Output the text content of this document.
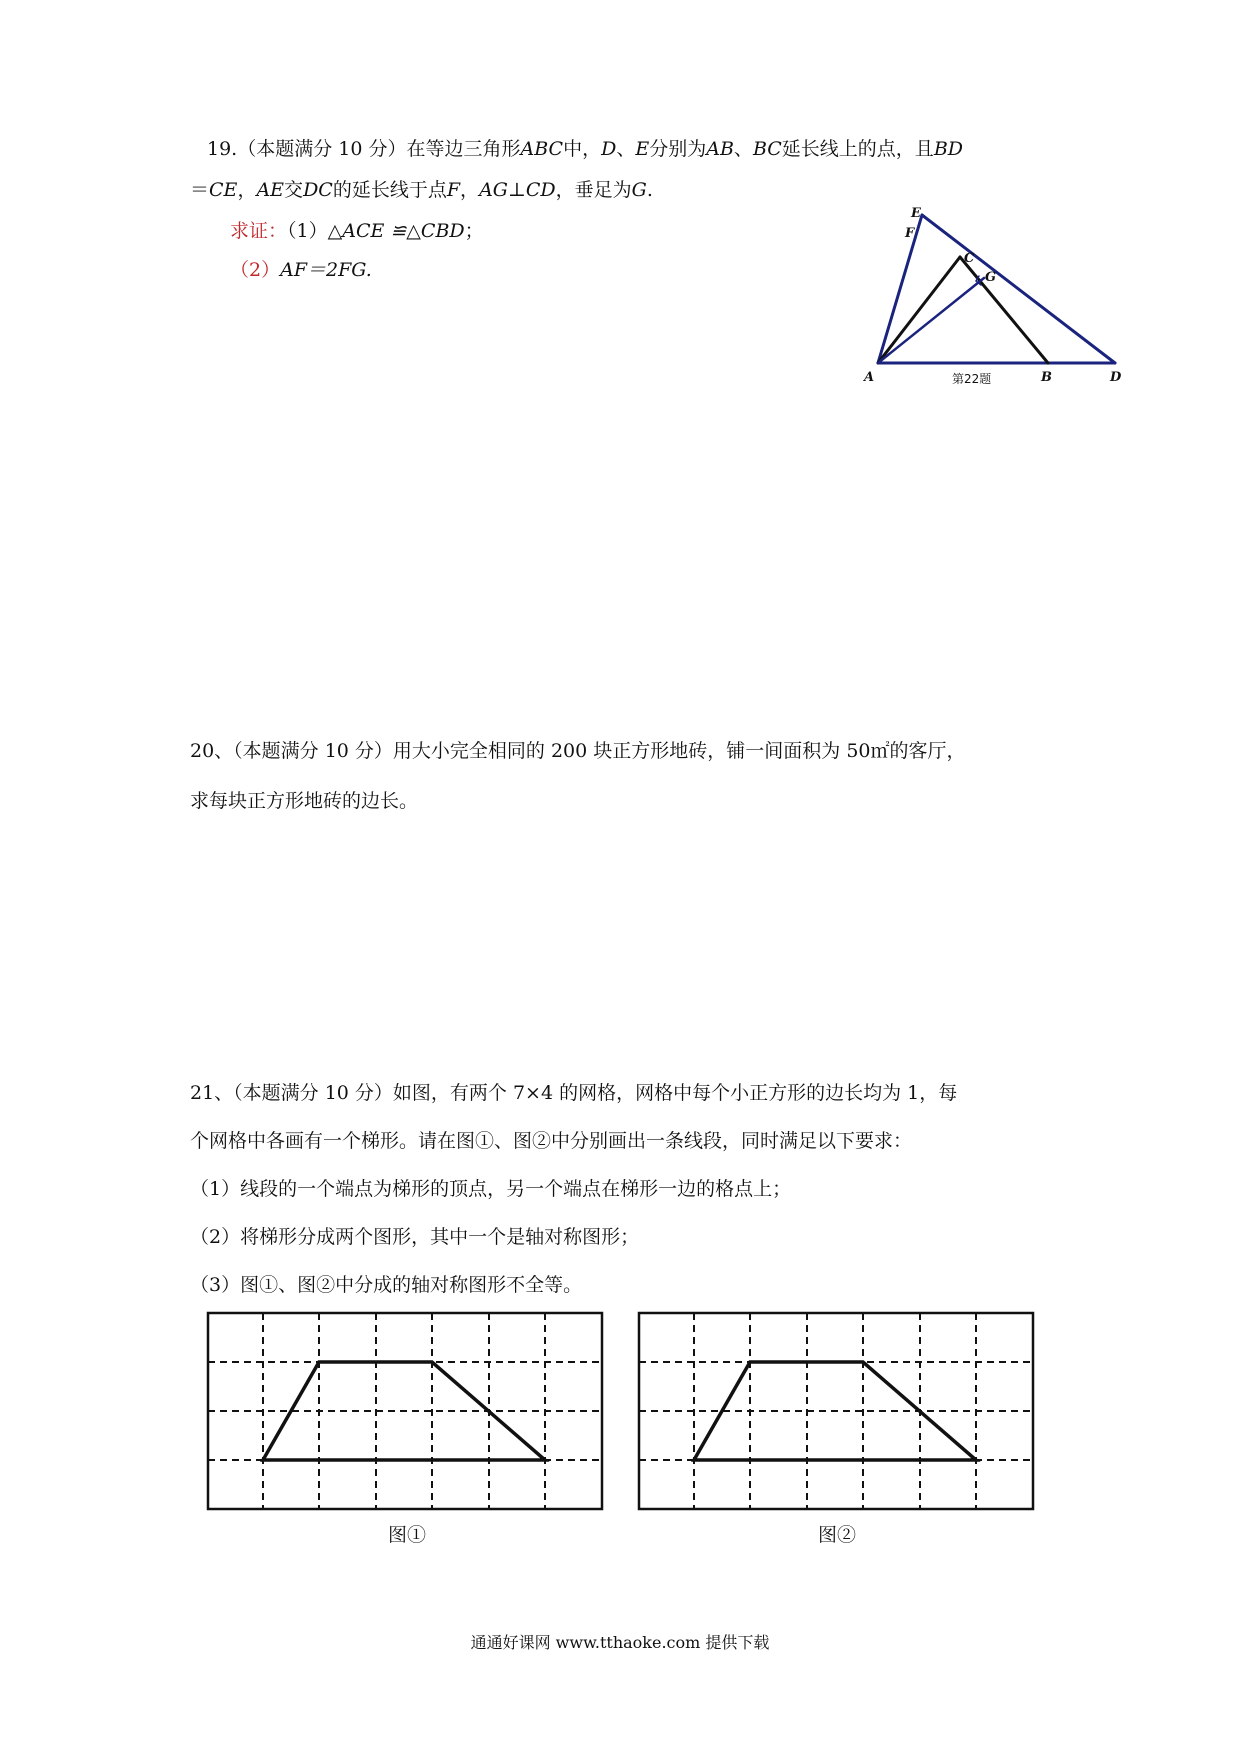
19.（本题满分 10 分）在等边三角形ABC中，D、E分别为AB、BC延长线上的点，且BD
＝CE，AE交DC的延长线于点F，AG⊥CD，垂足为G.
求证：（1）△ACE ≌△CBD；
（2）AF＝2FG.
A	B	D
C
E
F
G
第22题
20、（本题满分 10 分）用大小完全相同的 200 块正方形地砖，铺一间面积为 50㎡的客厅，
求每块正方形地砖的边长。
21、（本题满分 10 分）如图，有两个 7×4 的网格，网格中每个小正方形的边长均为 1，每
个网格中各画有一个梯形。请在图①、图②中分别画出一条线段，同时满足以下要求：
（1）线段的一个端点为梯形的顶点，另一个端点在梯形一边的格点上；
（2）将梯形分成两个图形，其中一个是轴对称图形；
（3）图①、图②中分成的轴对称图形不全等。
图①	图②
通通好课网 www.tthaoke.com 提供下载
